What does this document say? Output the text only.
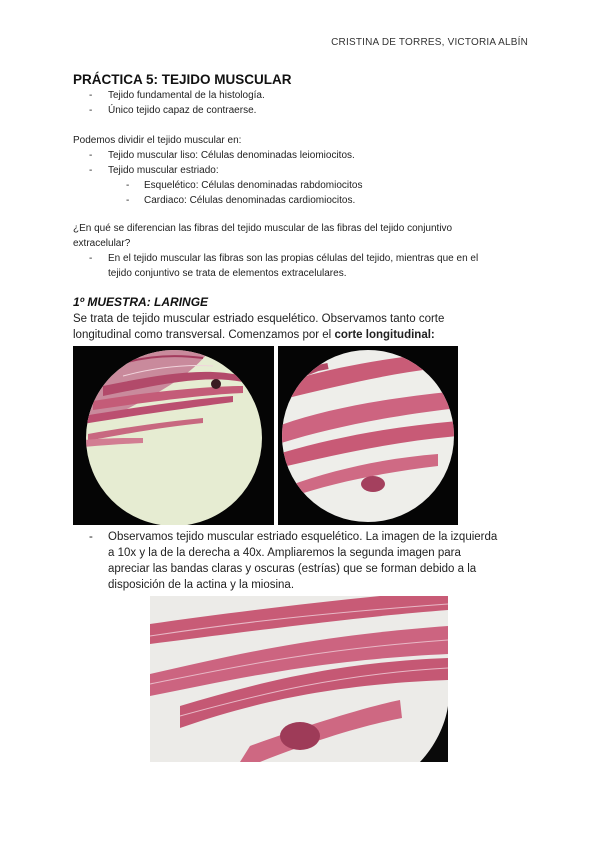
CRISTINA DE TORRES, VICTORIA ALBÍN
PRÁCTICA 5: TEJIDO MUSCULAR
- Tejido fundamental de la histología.
- Único tejido capaz de contraerse.
Podemos dividir el tejido muscular en:
- Tejido muscular liso: Células denominadas leiomiocitos.
- Tejido muscular estriado:
- Esquelético: Células denominadas rabdomiocitos
- Cardiaco: Células denominadas cardiomiocitos.
¿En qué se diferencian las fibras del tejido muscular de las fibras del tejido conjuntivo
extracelular?
- En el tejido muscular las fibras son las propias células del tejido, mientras que en el
tejido conjuntivo se trata de elementos extracelulares.
1º MUESTRA: LARINGE
Se trata de tejido muscular estriado esquelético. Observamos tanto corte
longitudinal como transversal. Comenzamos por el corte longitudinal:
- Observamos tejido muscular estriado esquelético. La imagen de la izquierda
a 10x y la de la derecha a 40x. Ampliaremos la segunda imagen para
apreciar las bandas claras y oscuras (estrías) que se forman debido a la
disposición de la actina y la miosina.
